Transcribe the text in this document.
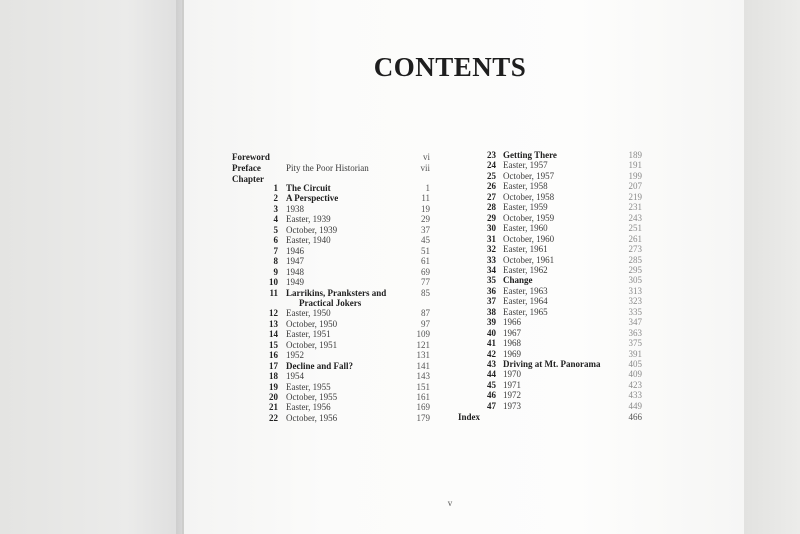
CONTENTS
Foreword	vi
Preface	Pity the Poor Historian	vii
Chapter
1 The Circuit	1
2 A Perspective	11
3 1938	19
4 Easter, 1939	29
5 October, 1939	37
6 Easter, 1940	45
7 1946	51
8 1947	61
9 1948	69
10 1949	77
11 Larrikins, Pranksters and	85
Practical Jokers
12 Easter, 1950	87
13 October, 1950	97
14 Easter, 1951	109
15 October, 1951	121
16 1952	131
17 Decline and Fall?	141
18 1954	143
19 Easter, 1955	151
20 October, 1955	161
21 Easter, 1956	169
22 October, 1956	179
23 Getting There	189
24 Easter, 1957	191
25 October, 1957	199
26 Easter, 1958	207
27 October, 1958	219
28 Easter, 1959	231
29 October, 1959	243
30 Easter, 1960	251
31 October, 1960	261
32 Easter, 1961	273
33 October, 1961	285
34 Easter, 1962	295
35 Change	305
36 Easter, 1963	313
37 Easter, 1964	323
38 Easter, 1965	335
39 1966	347
40 1967	363
41 1968	375
42 1969	391
43 Driving at Mt. Panorama	405
44 1970	409
45 1971	423
46 1972	433
47 1973	449
Index	466
v
